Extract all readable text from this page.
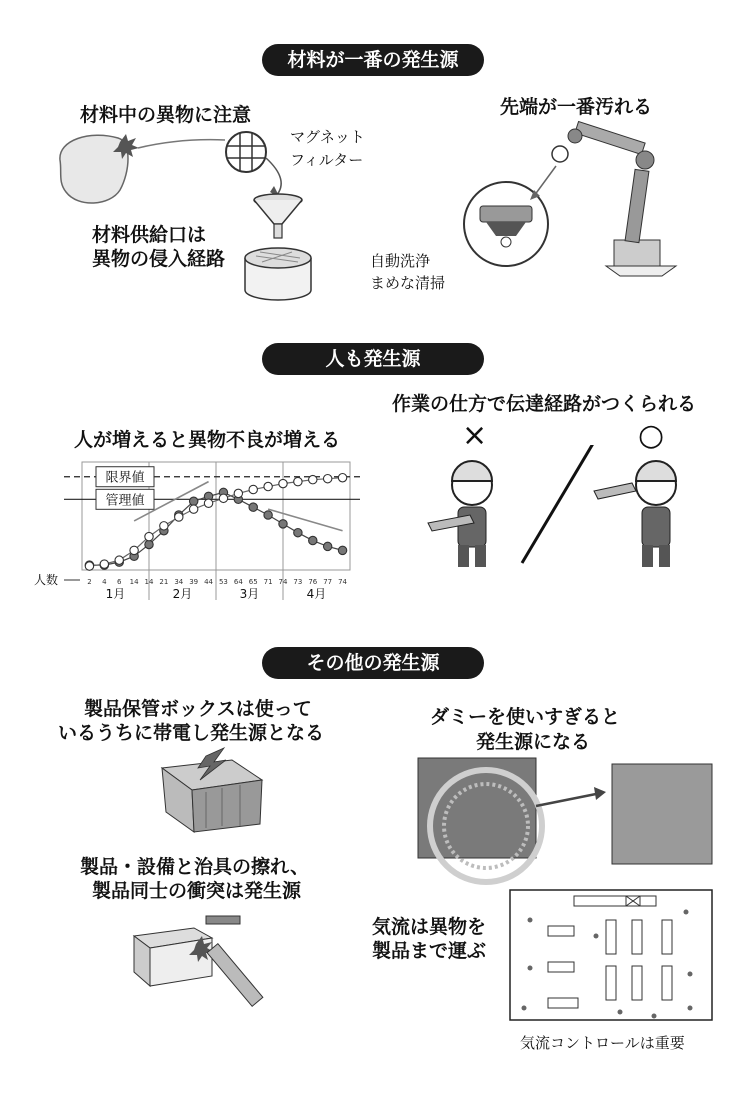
材料が一番の発生源
材料中の異物に注意
マグネット
フィルター
材料供給口は
異物の侵入経路
先端が一番汚れる
自動洗浄
まめな清掃
人も発生源
作業の仕方で伝達経路がつくられる
人が増えると異物不良が増える	×	○
1月	2月	3月	4月
限界値
管理値
人数	2 4 6 14 14 21 34 39 44 53 64 65 71 74 73 76 77 74
その他の発生源
製品保管ボックスは使って
いるうちに帯電し発生源となる
ダミーを使いすぎると
発生源になる
製品・設備と治具の擦れ、
製品同士の衝突は発生源
気流は異物を
製品まで運ぶ
気流コントロールは重要
